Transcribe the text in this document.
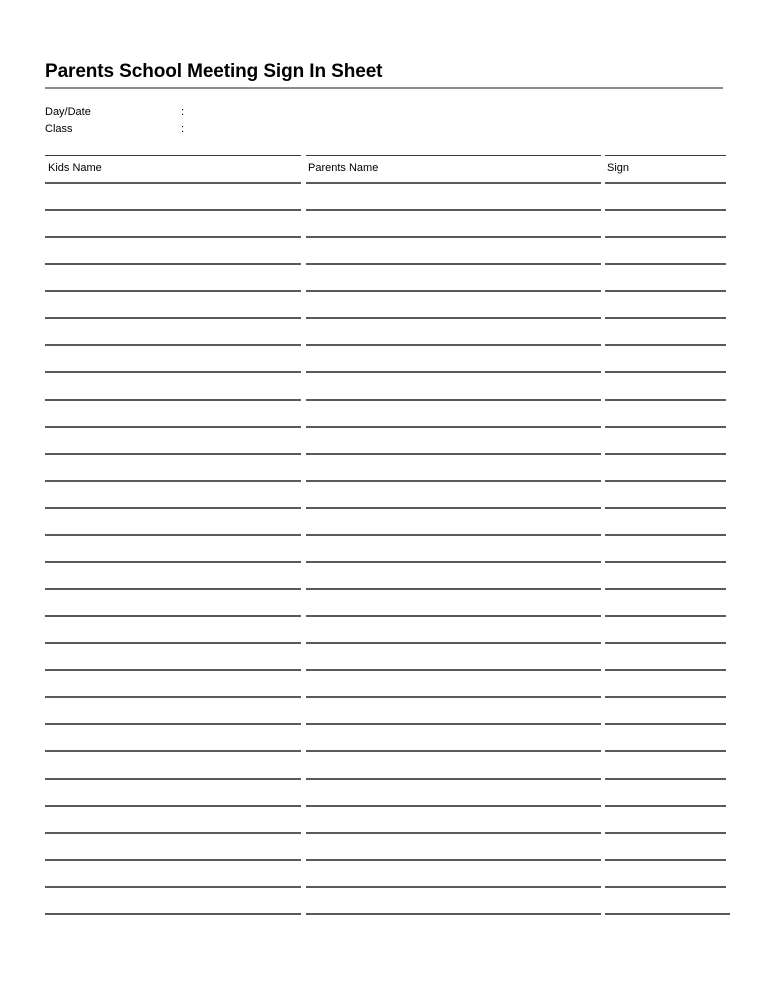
Parents School Meeting Sign In Sheet
Day/Date	:
Class	:
Kids Name	Parents Name	Sign
